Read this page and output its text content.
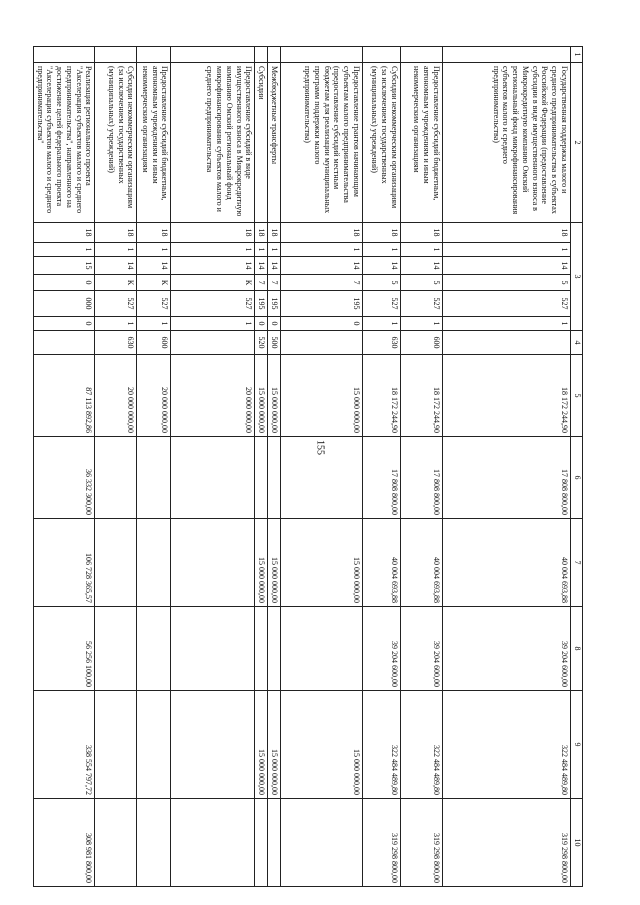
155
1	2	3						4	5	6	7	8	9	10
	Государственная поддержка малого и среднего предпринимательства в субъектах Российской Федерации (предоставление субсидии в виде имущественного взноса в Микрокредитную компанию Омский региональный фонд микрофинансирования субъектов малого и среднего предпринимательства)	18	1	14	5	527	1		18 172 244,90	17 808 800,00	40 004 693,88	39 204 600,00	322 484 489,80	319 298 800,00
	Предоставление субсидий бюджетным, автономным учреждениям и иным некоммерческим организациям	18	1	14	5	527	1	600	18 172 244,90	17 808 800,00	40 004 693,88	39 204 600,00	322 484 489,80	319 298 800,00
	Субсидии некоммерческим организациям (за исключением государственных (муниципальных) учреждений)	18	1	14	5	527	1	630	18 172 244,90	17 808 800,00	40 004 693,88	39 204 600,00	322 484 489,80	319 298 800,00
	Предоставление грантов начинающим субъектам малого предпринимательства (предоставление субсидий местным бюджетам для реализации муниципальных программ поддержки малого предпринимательства)	18	1	14	7	195	0		15 000 000,00		15 000 000,00		15 000 000,00	
	Межбюджетные трансферты	18	1	14	7	195	0	500	15 000 000,00		15 000 000,00		15 000 000,00	
	Субсидии	18	1	14	7	195	0	520	15 000 000,00		15 000 000,00		15 000 000,00	
	Предоставление субсидий в виде имущественного взноса в Микрокредитную компанию Омский региональный фонд микрофинансирования субъектов малого и среднего предпринимательства	18	1	14	К	527	1		20 000 000,00					
	Предоставление субсидий бюджетным, автономным учреждениям и иным некоммерческим организациям	18	1	14	К	527	1	600	20 000 000,00					
	Субсидии некоммерческим организациям (за исключением государственных (муниципальных) учреждений)	18	1	14	К	527	1	630	20 000 000,00					
	Реализация регионального проекта "Акселерация субъектов малого и среднего предпринимательства", направленного на достижение целей федерального проекта "Акселерация субъектов малого и среднего предпринимательства"	18	1	15	0	000	0		87 113 892,86	36 332 300,00	106 728 365,57	56 256 100,00	338 554 797,72	308 981 800,00
